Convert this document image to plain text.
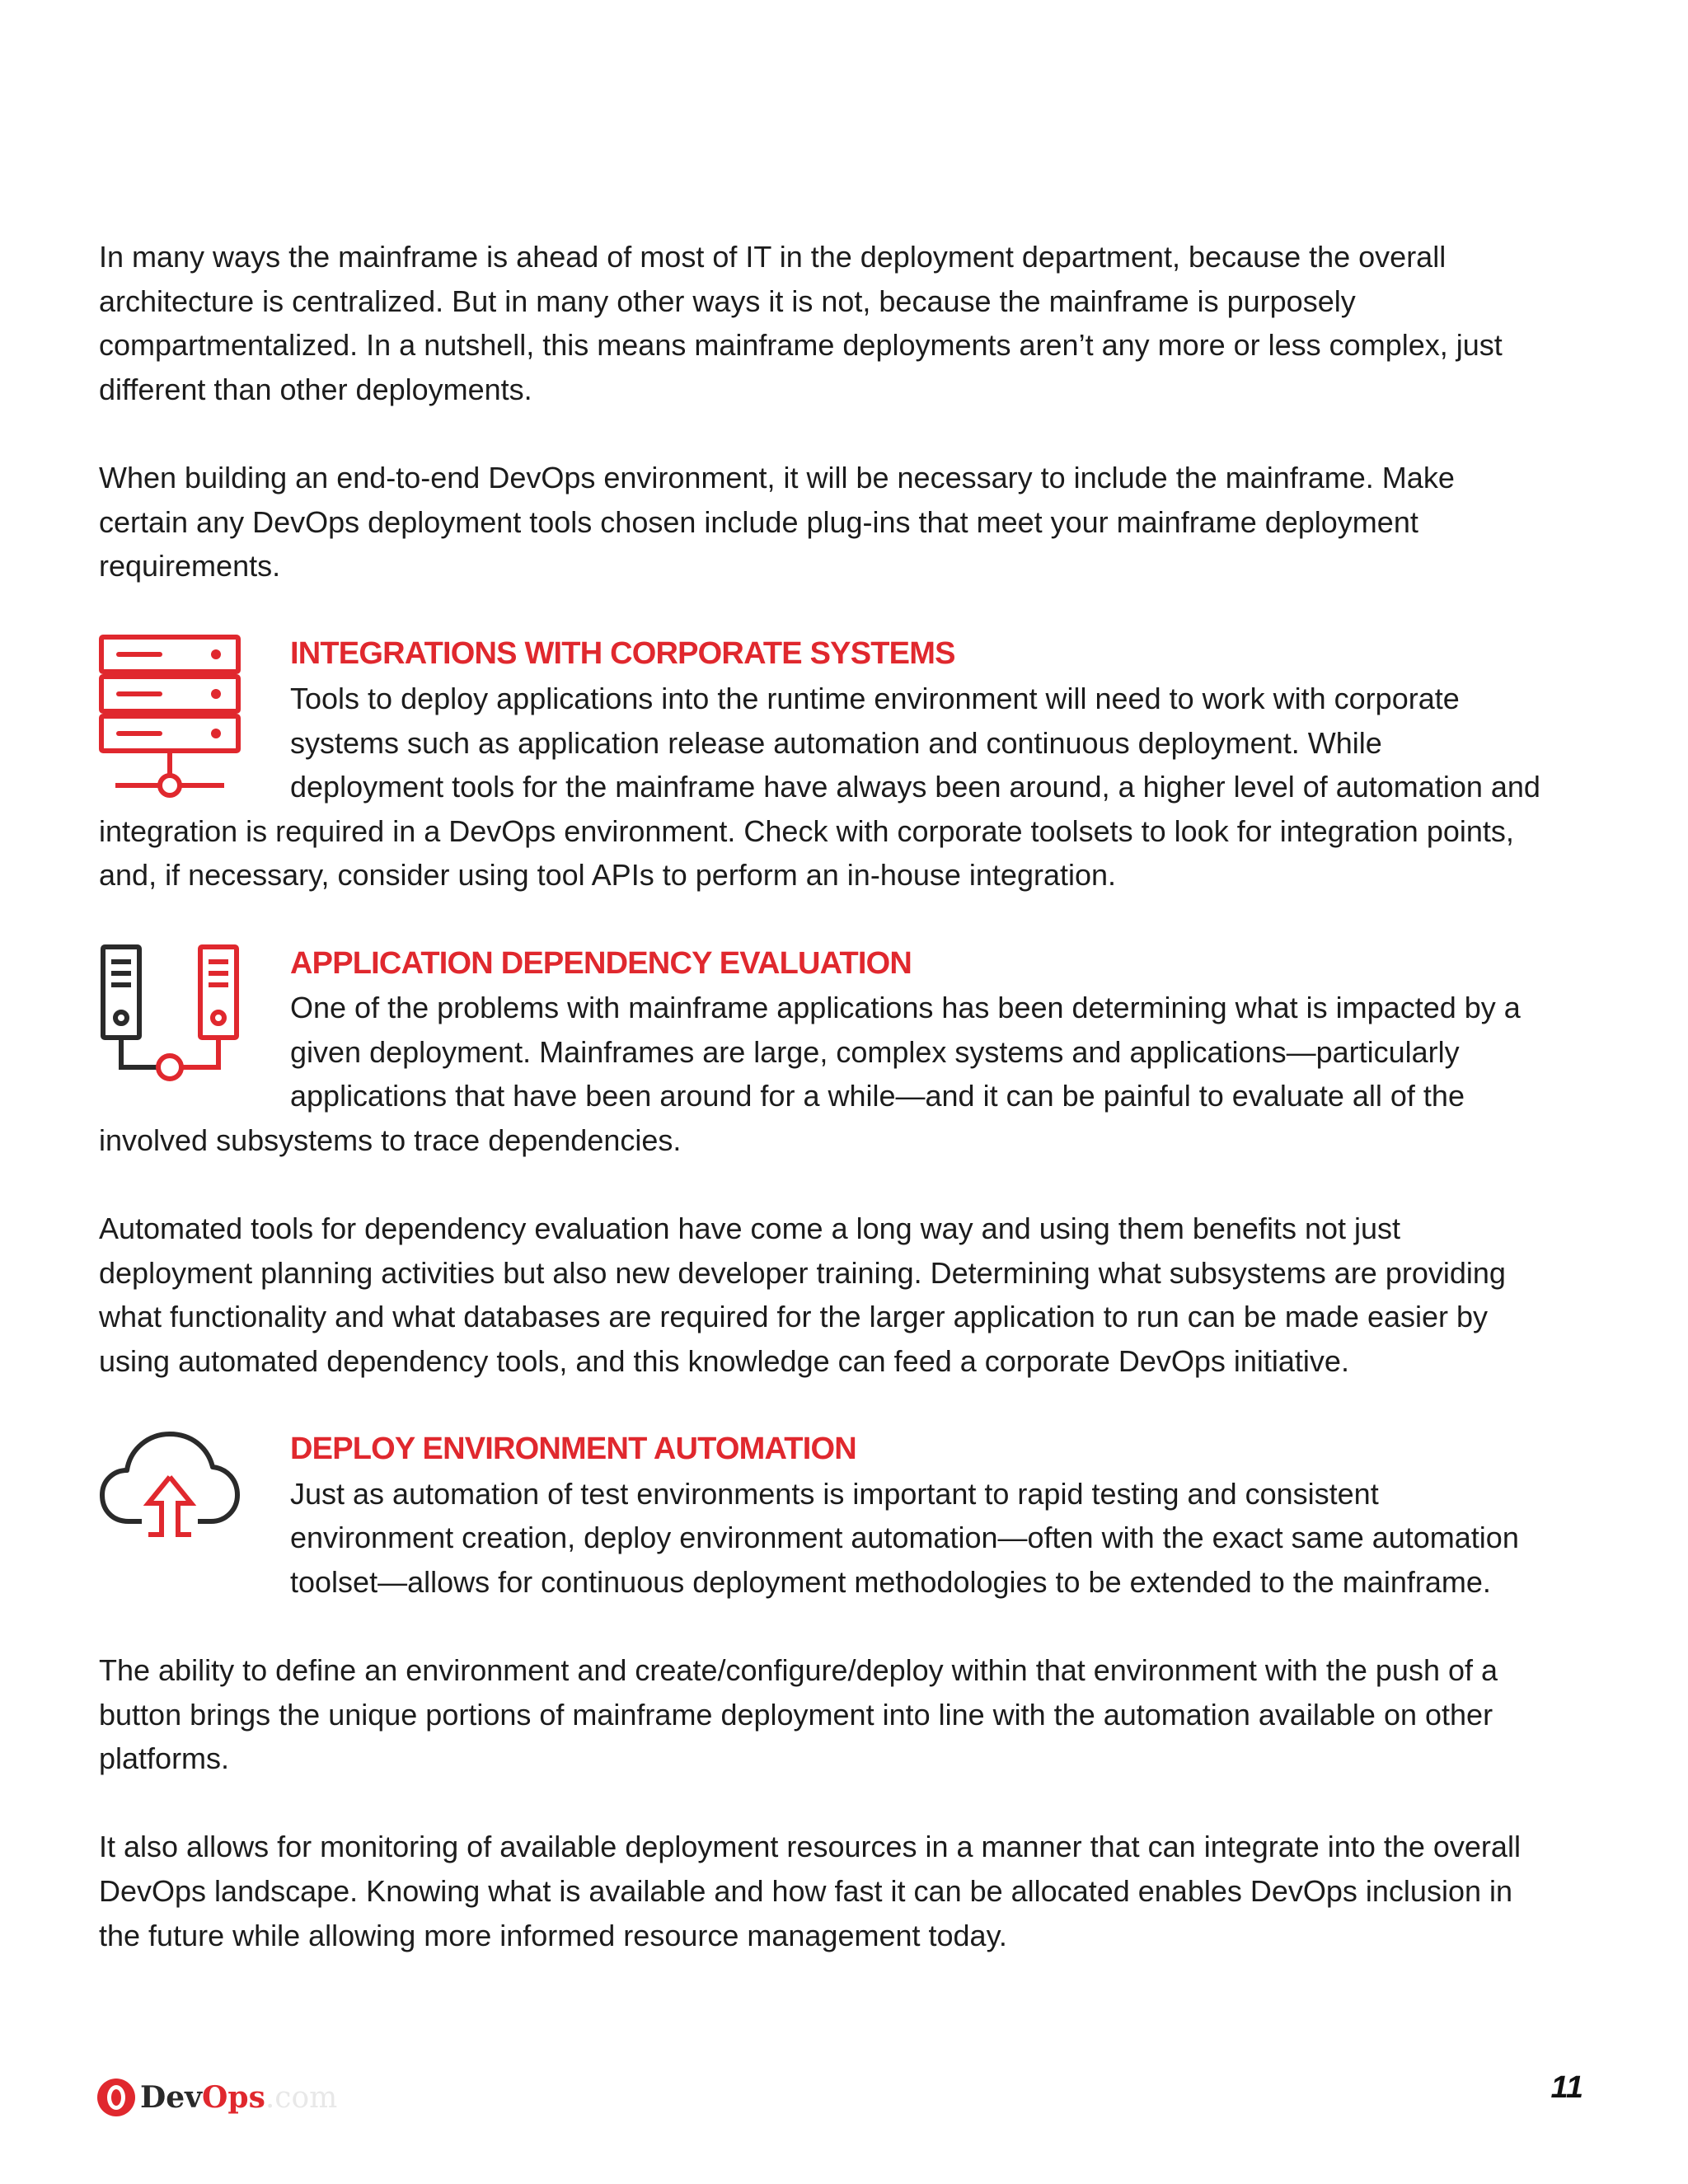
In many ways the mainframe is ahead of most of IT in the deployment department, because the overall architecture is centralized. But in many other ways it is not, because the mainframe is purposely compartmentalized. In a nutshell, this means mainframe deployments aren’t any more or less complex, just different than other deployments.

When building an end-to-end DevOps environment, it will be necessary to include the mainframe. Make certain any DevOps deployment tools chosen include plug-ins that meet your mainframe deployment requirements.

INTEGRATIONS WITH CORPORATE SYSTEMS

Tools to deploy applications into the runtime environment will need to work with corporate systems such as application release automation and continuous deployment. While deployment tools for the mainframe have always been around, a higher level of automation and integration is required in a DevOps environment. Check with corporate toolsets to look for integration points, and, if necessary, consider using tool APIs to perform an in-house integration.

APPLICATION DEPENDENCY EVALUATION

One of the problems with mainframe applications has been determining what is impacted by a given deployment. Mainframes are large, complex systems and applications—particularly applications that have been around for a while—and it can be painful to evaluate all of the involved subsystems to trace dependencies.

Automated tools for dependency evaluation have come a long way and using them benefits not just deployment planning activities but also new developer training. Determining what subsystems are providing what functionality and what databases are required for the larger application to run can be made easier by using automated dependency tools, and this knowledge can feed a corporate DevOps initiative.

DEPLOY ENVIRONMENT AUTOMATION

Just as automation of test environments is important to rapid testing and consistent environment creation, deploy environment automation—often with the exact same automation toolset—allows for continuous deployment methodologies to be extended to the mainframe.

The ability to define an environment and create/configure/deploy within that environment with the push of a button brings the unique portions of mainframe deployment into line with the automation available on other platforms.

It also allows for monitoring of available deployment resources in a manner that can integrate into the overall DevOps landscape. Knowing what is available and how fast it can be allocated enables DevOps inclusion in the future while allowing more informed resource management today.

Dev Ops .com	11
